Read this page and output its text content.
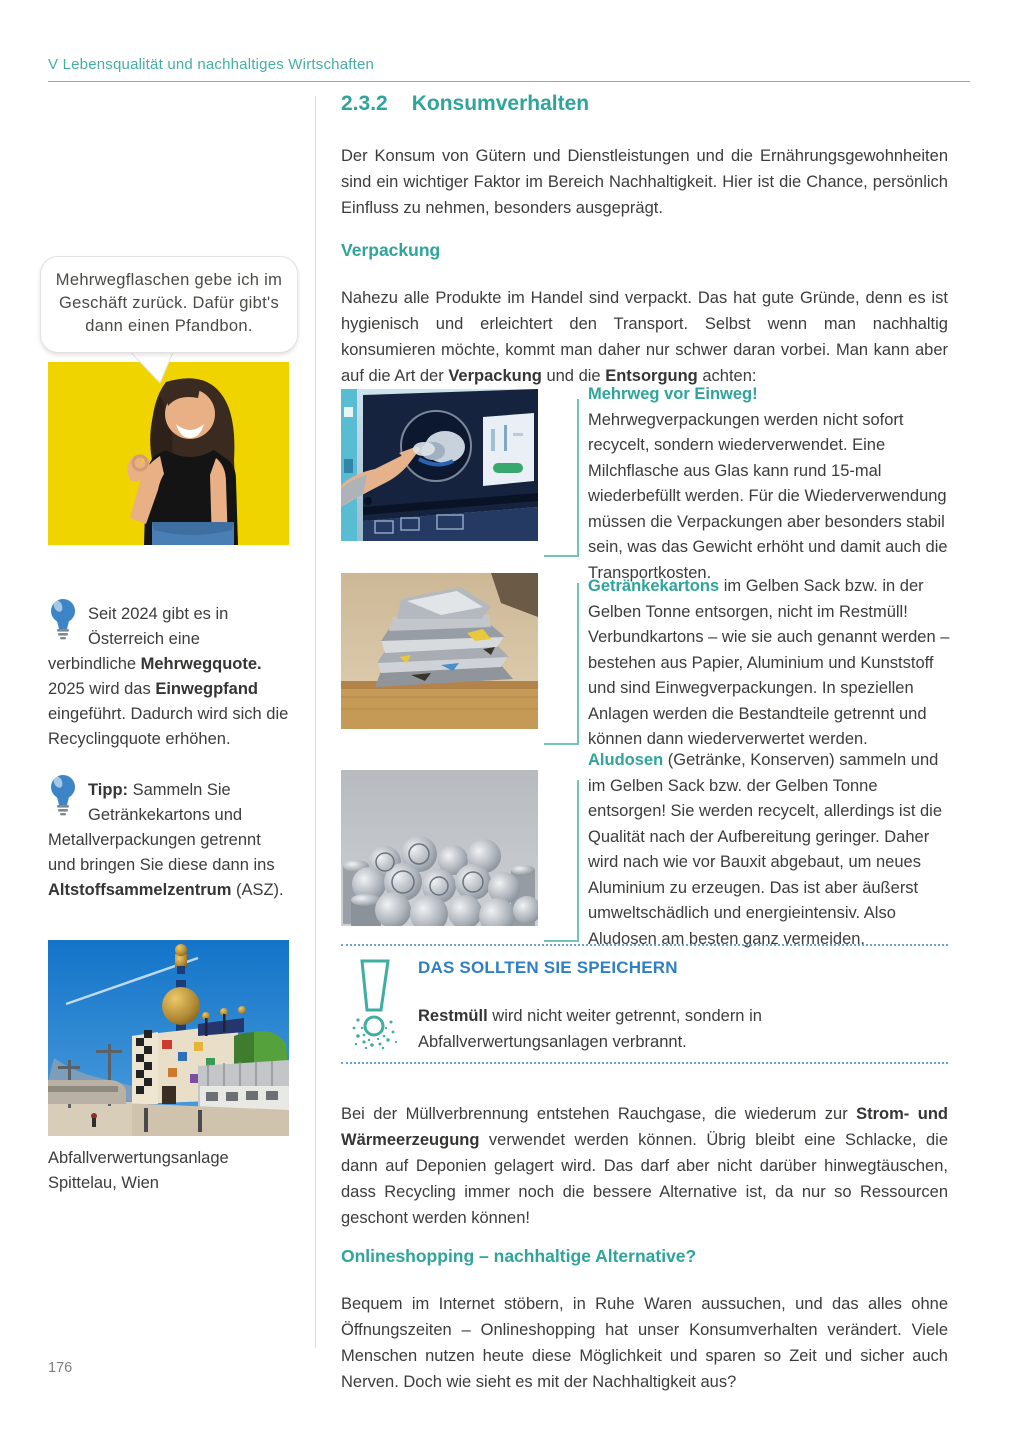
V Lebensqualität und nachhaltiges Wirtschaften
2.3.2 Konsumverhalten

Der Konsum von Gütern und Dienstleistungen und die Ernährungsgewohnheiten sind ein wichtiger Faktor im Bereich Nachhaltigkeit. Hier ist die Chance, persönlich Einfluss zu nehmen, besonders ausgeprägt.

Verpackung

Nahezu alle Produkte im Handel sind verpackt. Das hat gute Gründe, denn es ist hygienisch und erleichtert den Transport. Selbst wenn man nachhaltig konsumieren möchte, kommt man daher nur schwer daran vorbei. Man kann aber auf die Art der Verpackung und die Entsorgung achten:

Mehrweg vor Einweg!
Mehrwegverpackungen werden nicht sofort recycelt, sondern wiederverwendet. Eine Milchflasche aus Glas kann rund 15-mal wiederbefüllt werden. Für die Wiederverwendung müssen die Verpackungen aber besonders stabil sein, was das Gewicht erhöht und damit auch die Transportkosten.
Getränkekartons im Gelben Sack bzw. in der Gelben Tonne entsorgen, nicht im Restmüll! Verbundkartons – wie sie auch genannt werden – bestehen aus Papier, Aluminium und Kunststoff und sind Einwegverpackungen. In speziellen Anlagen werden die Bestandteile getrennt und können dann wiederverwertet werden.
Aludosen (Getränke, Konserven) sammeln und im Gelben Sack bzw. der Gelben Tonne entsorgen! Sie werden recycelt, allerdings ist die Qualität nach der Aufbereitung geringer. Daher wird nach wie vor Bauxit abgebaut, um neues Aluminium zu erzeugen. Das ist aber äußerst umweltschädlich und energieintensiv. Also Aludosen am besten ganz vermeiden.
DAS SOLLTEN SIE SPEICHERN

Restmüll wird nicht weiter getrennt, sondern in Abfallverwertungsanlagen verbrannt.

Bei der Müllverbrennung entstehen Rauchgase, die wiederum zur Strom- und Wärmeerzeugung verwendet werden können. Übrig bleibt eine Schlacke, die dann auf Deponien gelagert wird. Das darf aber nicht darüber hinwegtäuschen, dass Recycling immer noch die bessere Alternative ist, da nur so Ressourcen geschont werden können!

Onlineshopping – nachhaltige Alternative?

Bequem im Internet stöbern, in Ruhe Waren aussuchen, und das alles ohne Öffnungszeiten – Onlineshopping hat unser Konsumverhalten verändert. Viele Menschen nutzen heute diese Möglichkeit und sparen so Zeit und sicher auch Nerven. Doch wie sieht es mit der Nachhaltigkeit aus?

Mehrwegflaschen gebe ich im Geschäft zurück. Dafür gibt's dann einen Pfandbon.
Seit 2024 gibt es in Österreich eine verbindliche Mehrwegquote. 2025 wird das Einwegpfand eingeführt. Dadurch wird sich die Recyclingquote erhöhen.
Tipp: Sammeln Sie Getränkekartons und Metallverpackungen getrennt und bringen Sie diese dann ins Altstoffsammelzentrum (ASZ).
Abfallverwertungsanlage Spittelau, Wien
176
